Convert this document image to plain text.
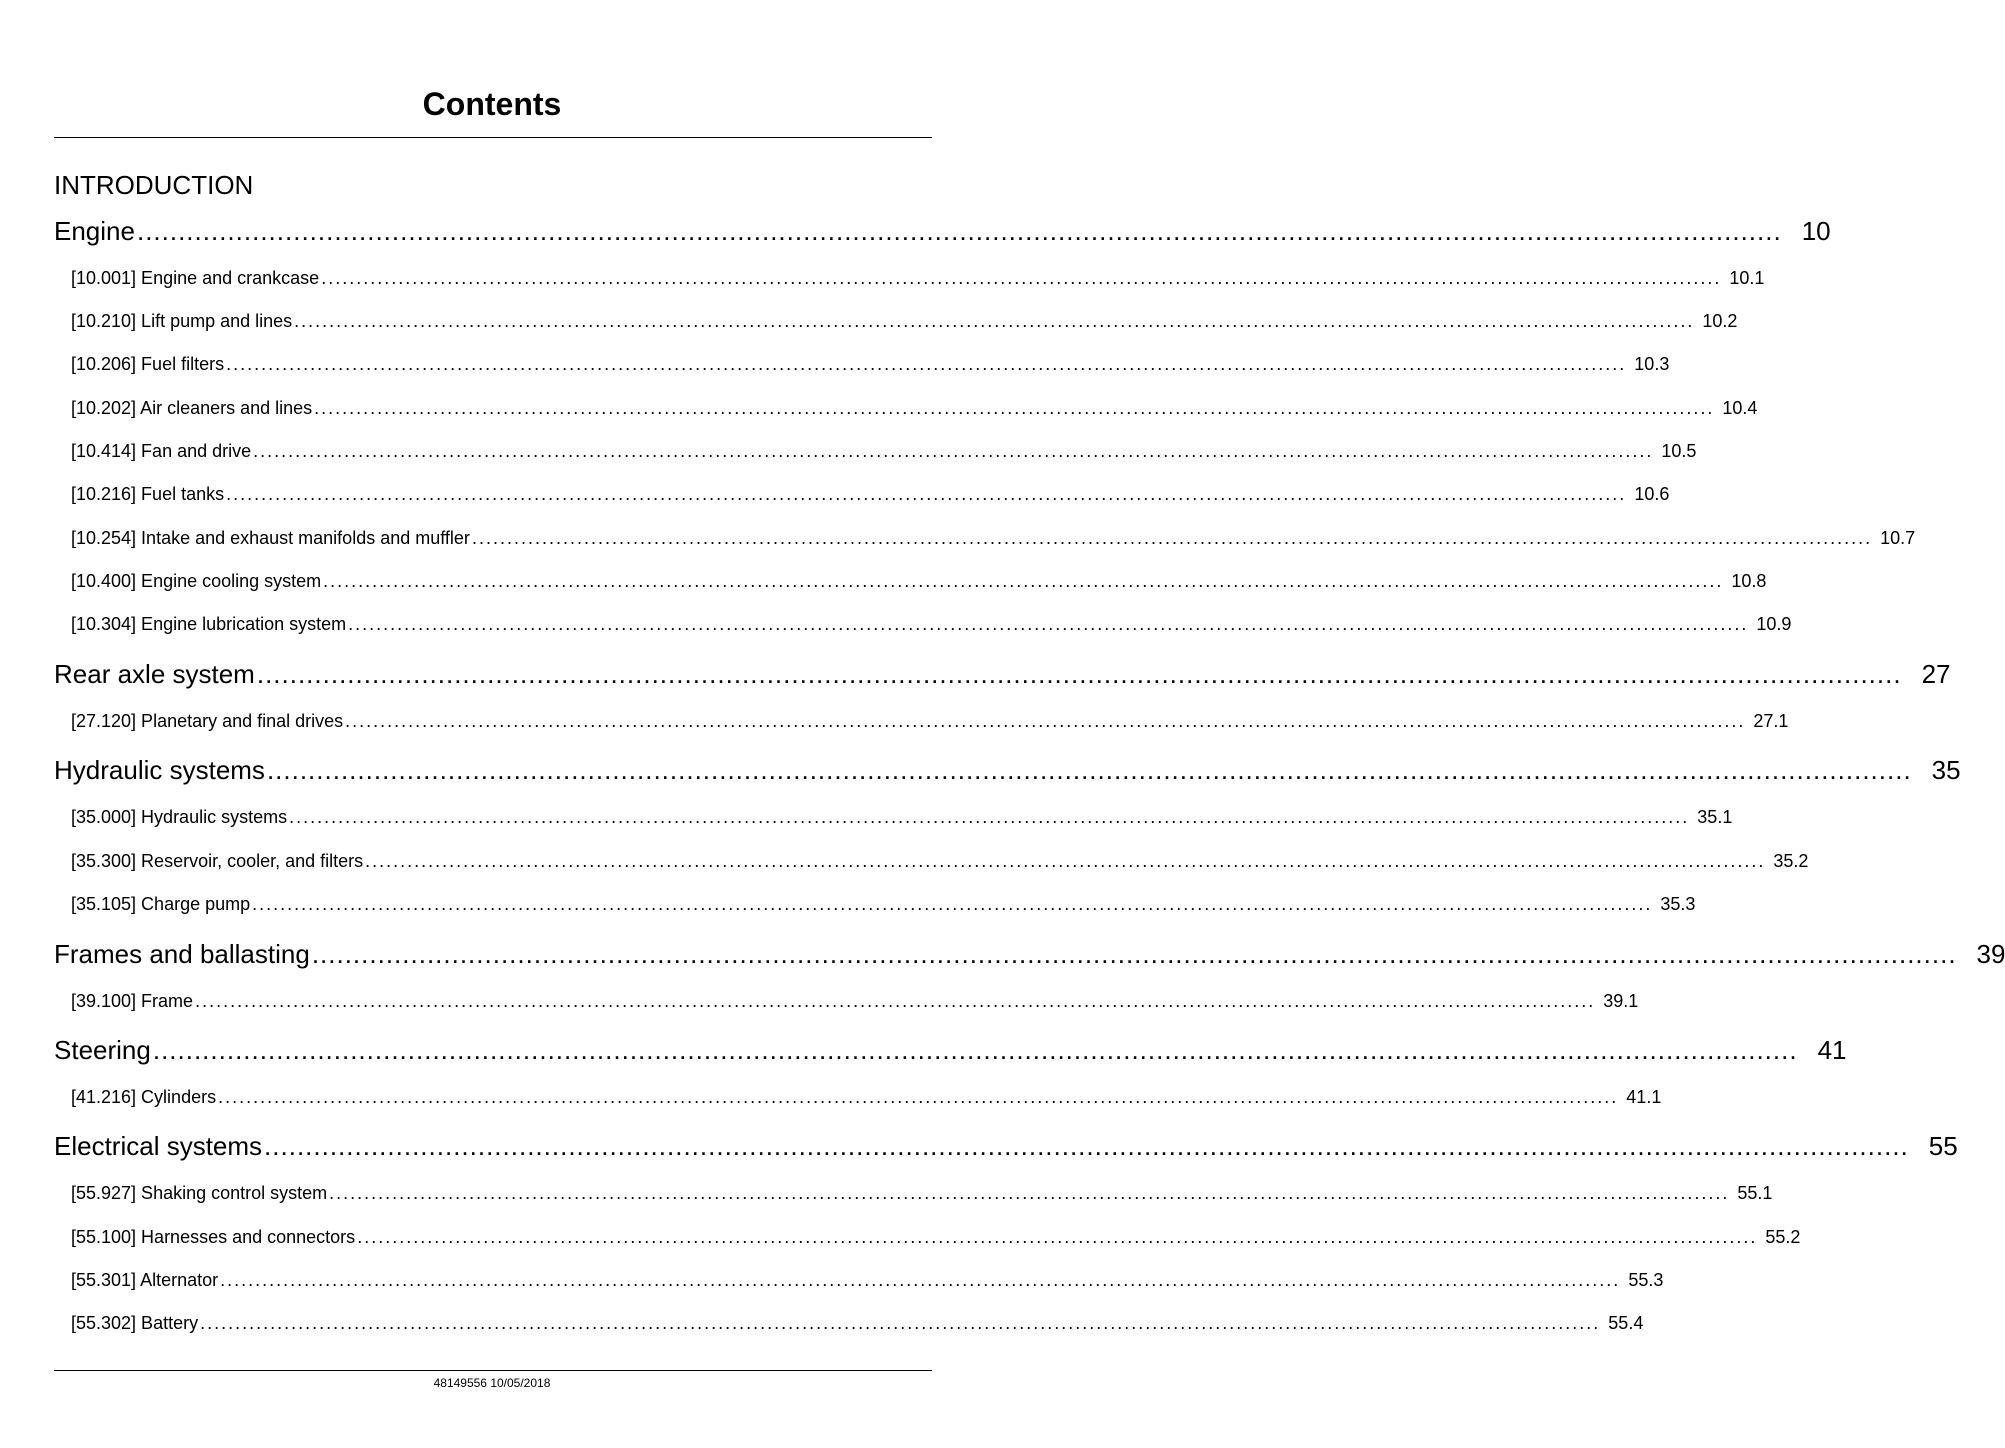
Contents
INTRODUCTION
Engine ........................................................................................................................................................................................................ 10
[10.001] Engine and crankcase ........................................................................................................................................................................................................ 10.1
[10.210] Lift pump and lines ........................................................................................................................................................................................................ 10.2
[10.206] Fuel filters ........................................................................................................................................................................................................ 10.3
[10.202] Air cleaners and lines ........................................................................................................................................................................................................ 10.4
[10.414] Fan and drive ........................................................................................................................................................................................................ 10.5
[10.216] Fuel tanks ........................................................................................................................................................................................................ 10.6
[10.254] Intake and exhaust manifolds and muffler ........................................................................................................................................................................................................ 10.7
[10.400] Engine cooling system ........................................................................................................................................................................................................ 10.8
[10.304] Engine lubrication system ........................................................................................................................................................................................................ 10.9
Rear axle system ........................................................................................................................................................................................................ 27
[27.120] Planetary and final drives ........................................................................................................................................................................................................ 27.1
Hydraulic systems ........................................................................................................................................................................................................ 35
[35.000] Hydraulic systems ........................................................................................................................................................................................................ 35.1
[35.300] Reservoir, cooler, and filters ........................................................................................................................................................................................................ 35.2
[35.105] Charge pump ........................................................................................................................................................................................................ 35.3
Frames and ballasting ........................................................................................................................................................................................................ 39
[39.100] Frame ........................................................................................................................................................................................................ 39.1
Steering ........................................................................................................................................................................................................ 41
[41.216] Cylinders ........................................................................................................................................................................................................ 41.1
Electrical systems ........................................................................................................................................................................................................ 55
[55.927] Shaking control system ........................................................................................................................................................................................................ 55.1
[55.100] Harnesses and connectors ........................................................................................................................................................................................................ 55.2
[55.301] Alternator ........................................................................................................................................................................................................ 55.3
[55.302] Battery ........................................................................................................................................................................................................ 55.4
48149556 10/05/2018
